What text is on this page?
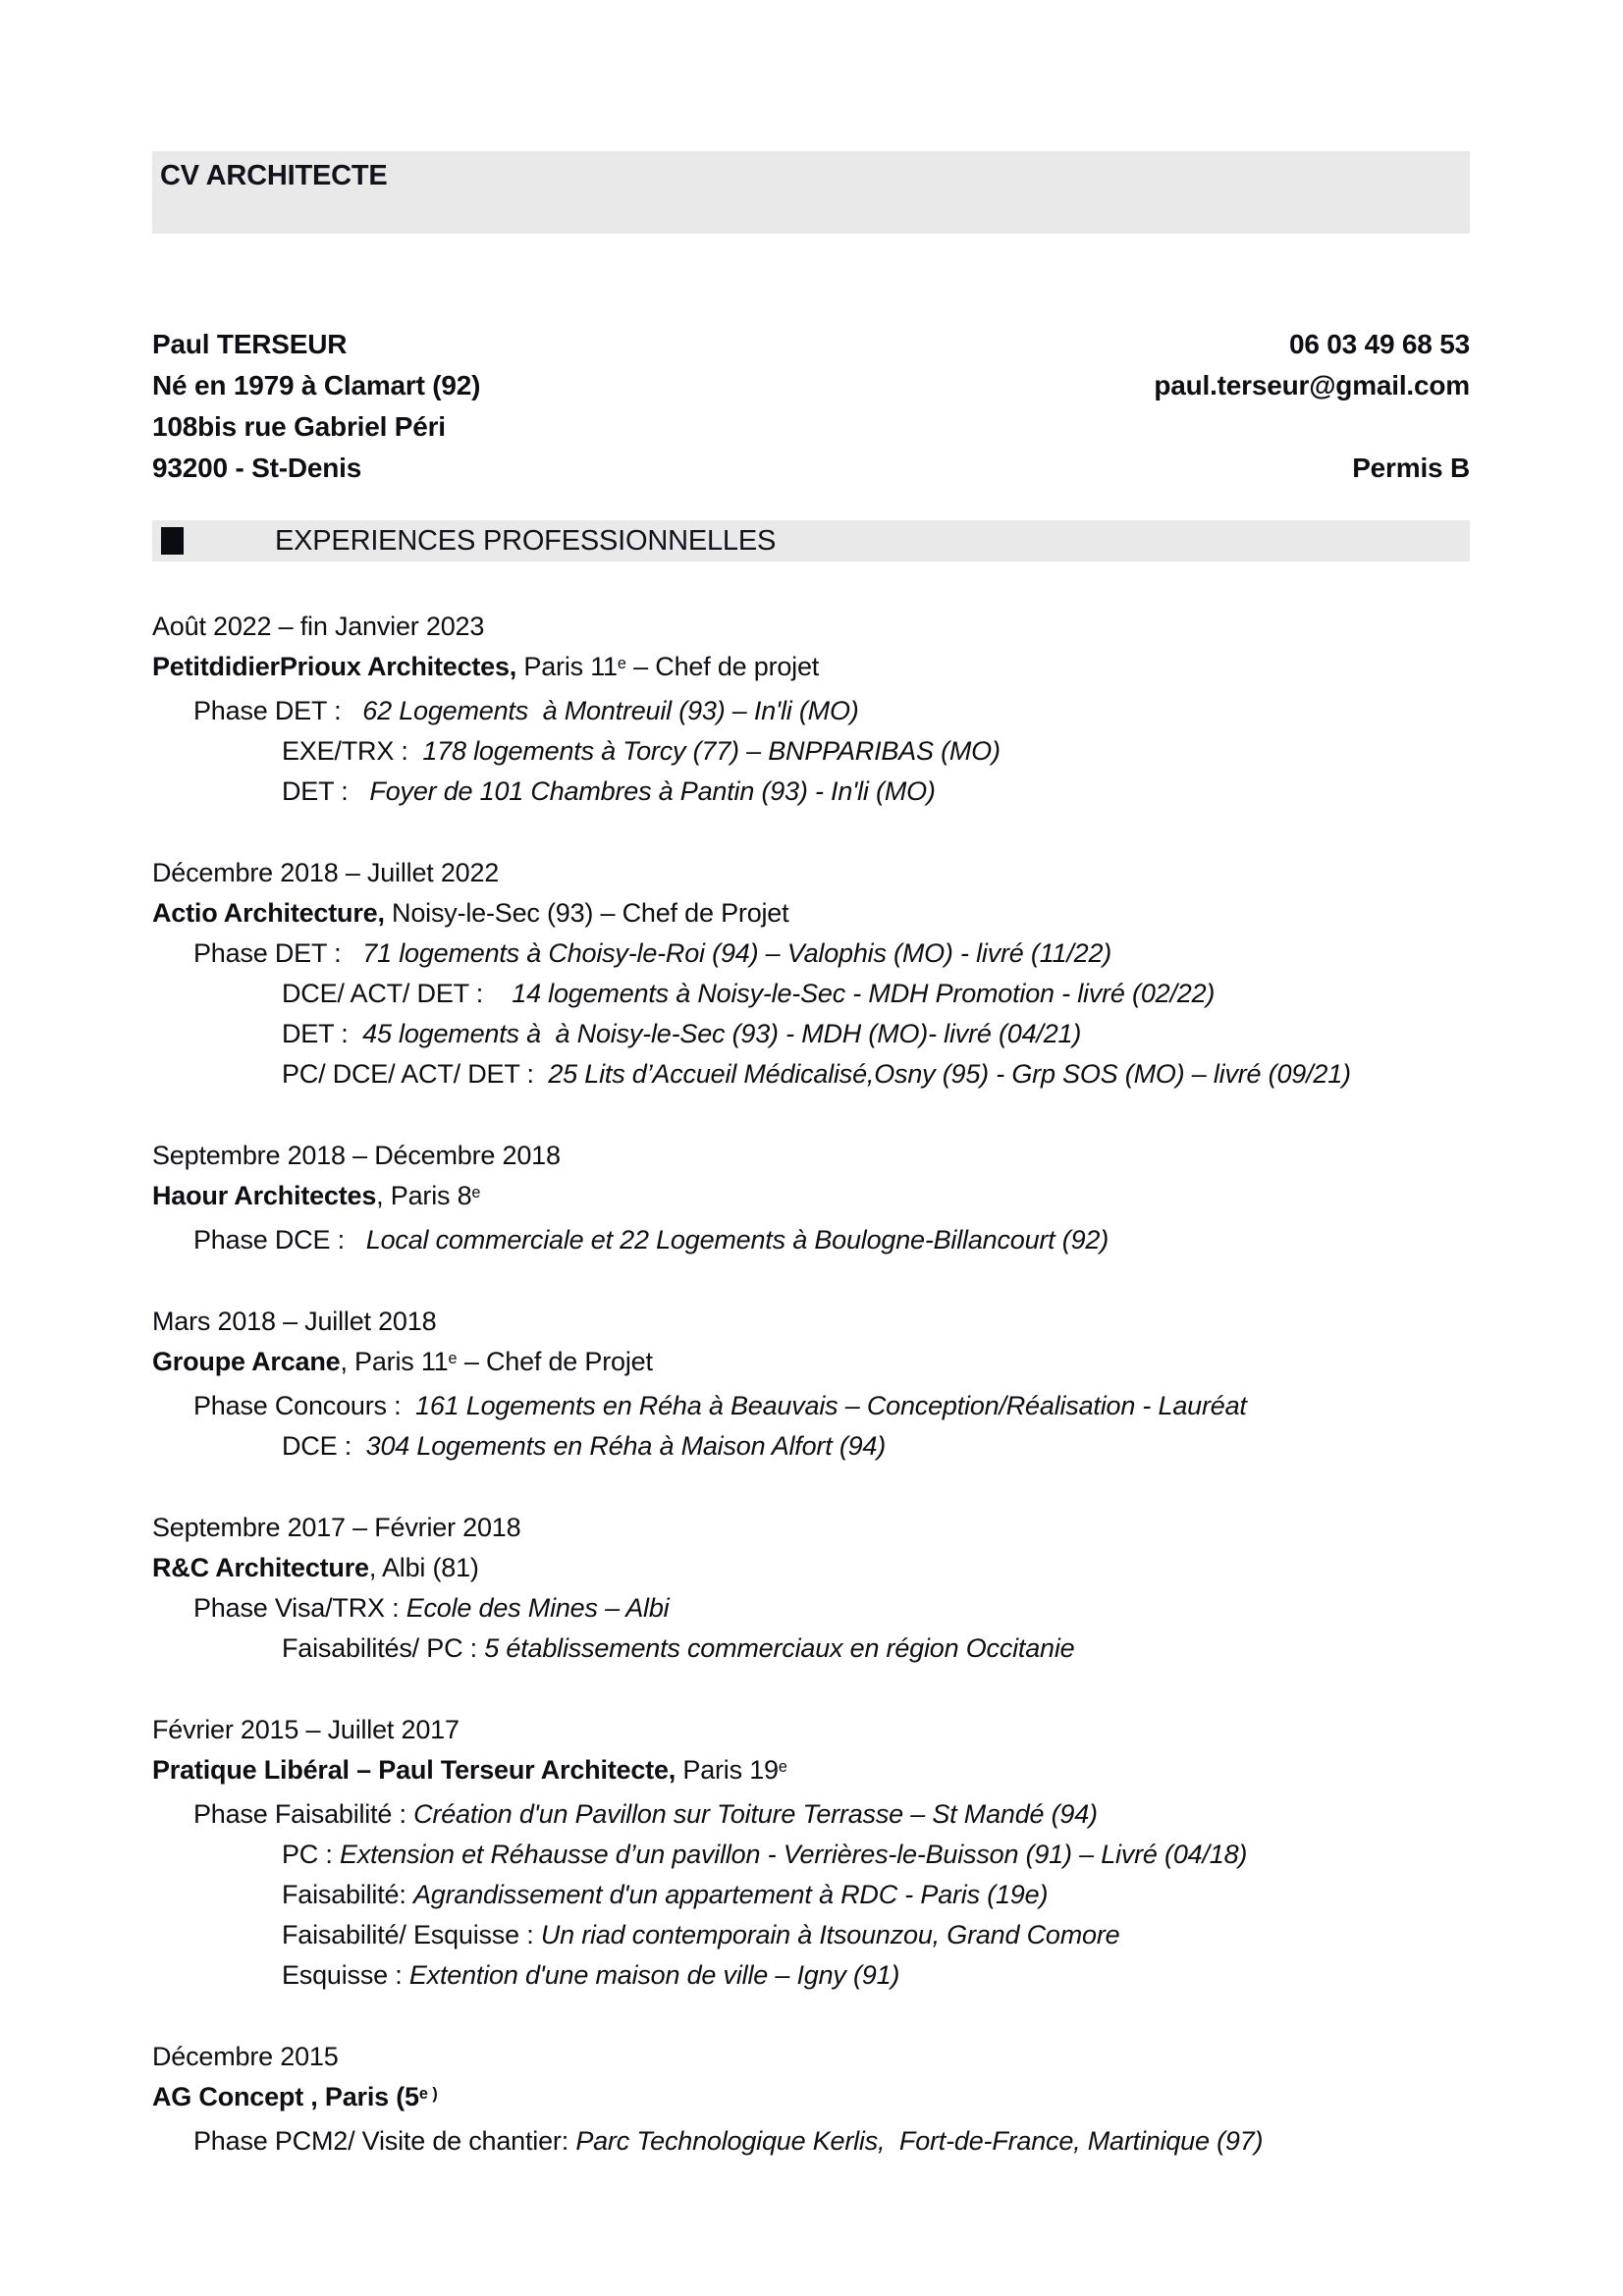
CV ARCHITECTE
Paul TERSEUR	06 03 49 68 53
Né en 1979 à Clamart (92)	paul.terseur@gmail.com
108bis rue Gabriel Péri
93200 - St-Denis	Permis B
EXPERIENCES PROFESSIONNELLES
Août 2022 – fin Janvier 2023
PetitdidierPrioux Architectes, Paris 11e – Chef de projet
Phase DET :   62 Logements  à Montreuil (93) – In'li (MO)
EXE/TRX :  178 logements à Torcy (77) – BNPPARIBAS (MO)
DET :   Foyer de 101 Chambres à Pantin (93) - In'li (MO)
Décembre 2018 – Juillet 2022
Actio Architecture, Noisy-le-Sec (93) – Chef de Projet
Phase DET :   71 logements à Choisy-le-Roi (94) – Valophis (MO) - livré (11/22)
DCE/ ACT/ DET :    14 logements à Noisy-le-Sec - MDH Promotion - livré (02/22)
DET :  45 logements à  à Noisy-le-Sec (93) - MDH (MO)- livré (04/21)
PC/ DCE/ ACT/ DET :  25 Lits d’Accueil Médicalisé,Osny (95) - Grp SOS (MO) – livré (09/21)
Septembre 2018 – Décembre 2018
Haour Architectes, Paris 8e
Phase DCE :   Local commerciale et 22 Logements à Boulogne-Billancourt (92)
Mars 2018 – Juillet 2018
Groupe Arcane, Paris 11e – Chef de Projet
Phase Concours :  161 Logements en Réha à Beauvais – Conception/Réalisation - Lauréat
DCE :  304 Logements en Réha à Maison Alfort (94)
Septembre 2017 – Février 2018
R&C Architecture, Albi (81)
Phase Visa/TRX : Ecole des Mines – Albi
Faisabilités/ PC : 5 établissements commerciaux en région Occitanie
Février 2015 – Juillet 2017
Pratique Libéral – Paul Terseur Architecte, Paris 19e
Phase Faisabilité : Création d'un Pavillon sur Toiture Terrasse – St Mandé (94)
PC : Extension et Réhausse d’un pavillon - Verrières-le-Buisson (91) – Livré (04/18)
Faisabilité: Agrandissement d'un appartement à RDC - Paris (19e)
Faisabilité/ Esquisse : Un riad contemporain à Itsounzou, Grand Comore
Esquisse : Extention d'une maison de ville – Igny (91)
Décembre 2015
AG Concept , Paris ($5^{e )}$
Phase PCM2/ Visite de chantier: Parc Technologique Kerlis,  Fort-de-France, Martinique (97)
